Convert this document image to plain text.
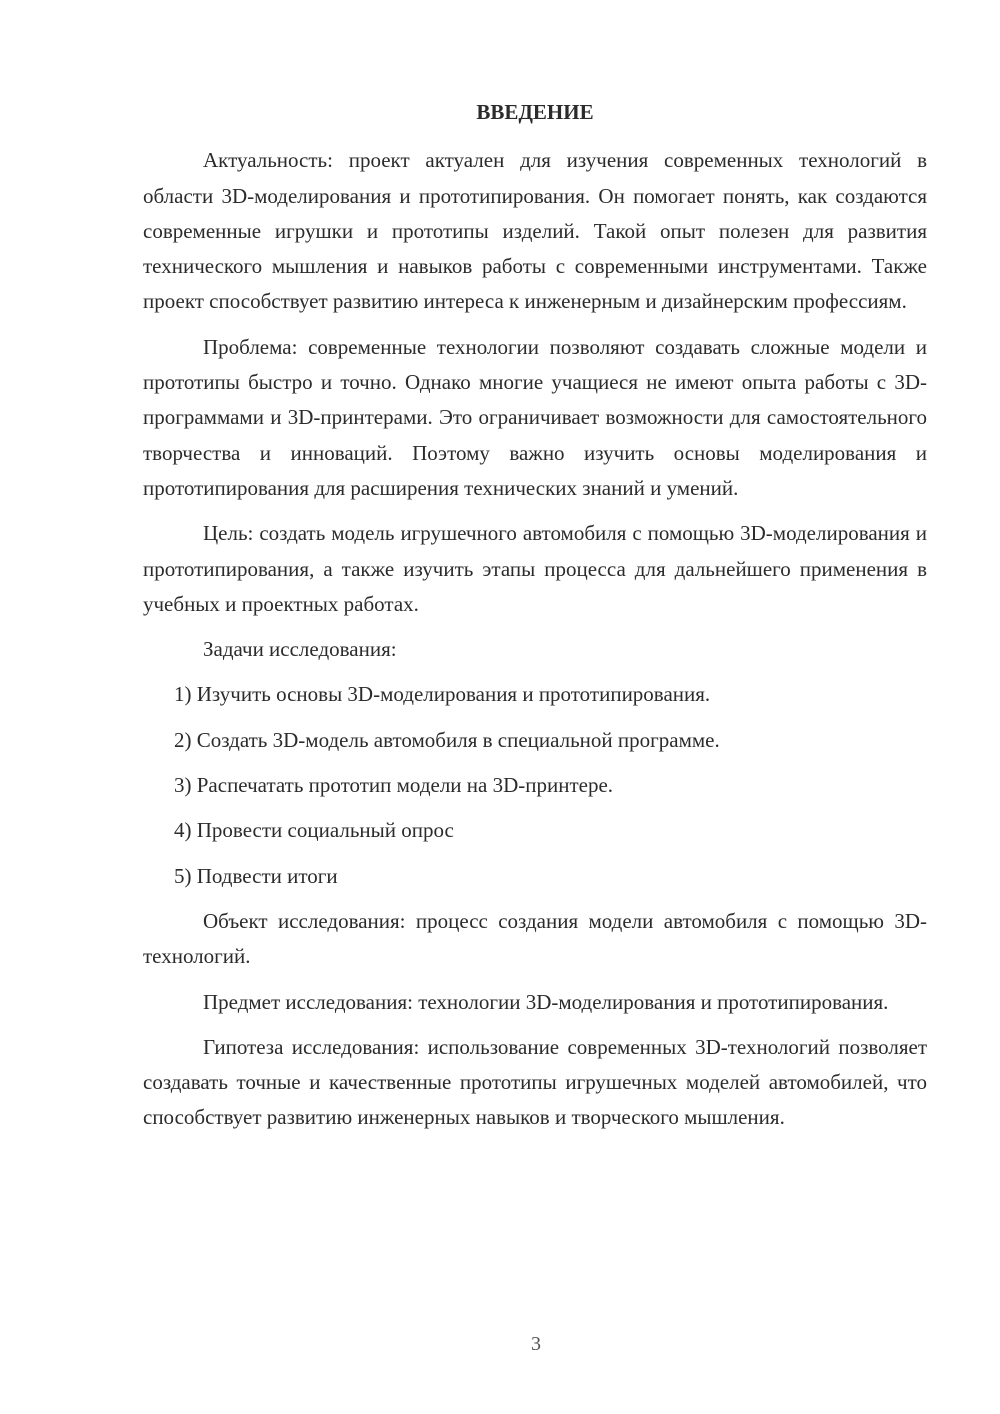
ВВЕДЕНИЕ

Актуальность: проект актуален для изучения современных технологий в области 3D-моделирования и прототипирования. Он помогает понять, как создаются современные игрушки и прототипы изделий. Такой опыт полезен для развития технического мышления и навыков работы с современными инструментами. Также проект способствует развитию интереса к инженерным и дизайнерским профессиям.

Проблема: современные технологии позволяют создавать сложные модели и прототипы быстро и точно. Однако многие учащиеся не имеют опыта работы с 3D-программами и 3D-принтерами. Это ограничивает возможности для самостоятельного творчества и инноваций. Поэтому важно изучить основы моделирования и прототипирования для расширения технических знаний и умений.

Цель: создать модель игрушечного автомобиля с помощью 3D-моделирования и прототипирования, а также изучить этапы процесса для дальнейшего применения в учебных и проектных работах.

Задачи исследования:

1) Изучить основы 3D-моделирования и прототипирования.

2) Создать 3D-модель автомобиля в специальной программе.

3) Распечатать прототип модели на 3D-принтере.

4) Провести социальный опрос

5) Подвести итоги

Объект исследования: процесс создания модели автомобиля с помощью 3D-технологий.

Предмет исследования: технологии 3D-моделирования и прототипирования.

Гипотеза исследования: использование современных 3D-технологий позволяет создавать точные и качественные прототипы игрушечных моделей автомобилей, что способствует развитию инженерных навыков и творческого мышления.

3
